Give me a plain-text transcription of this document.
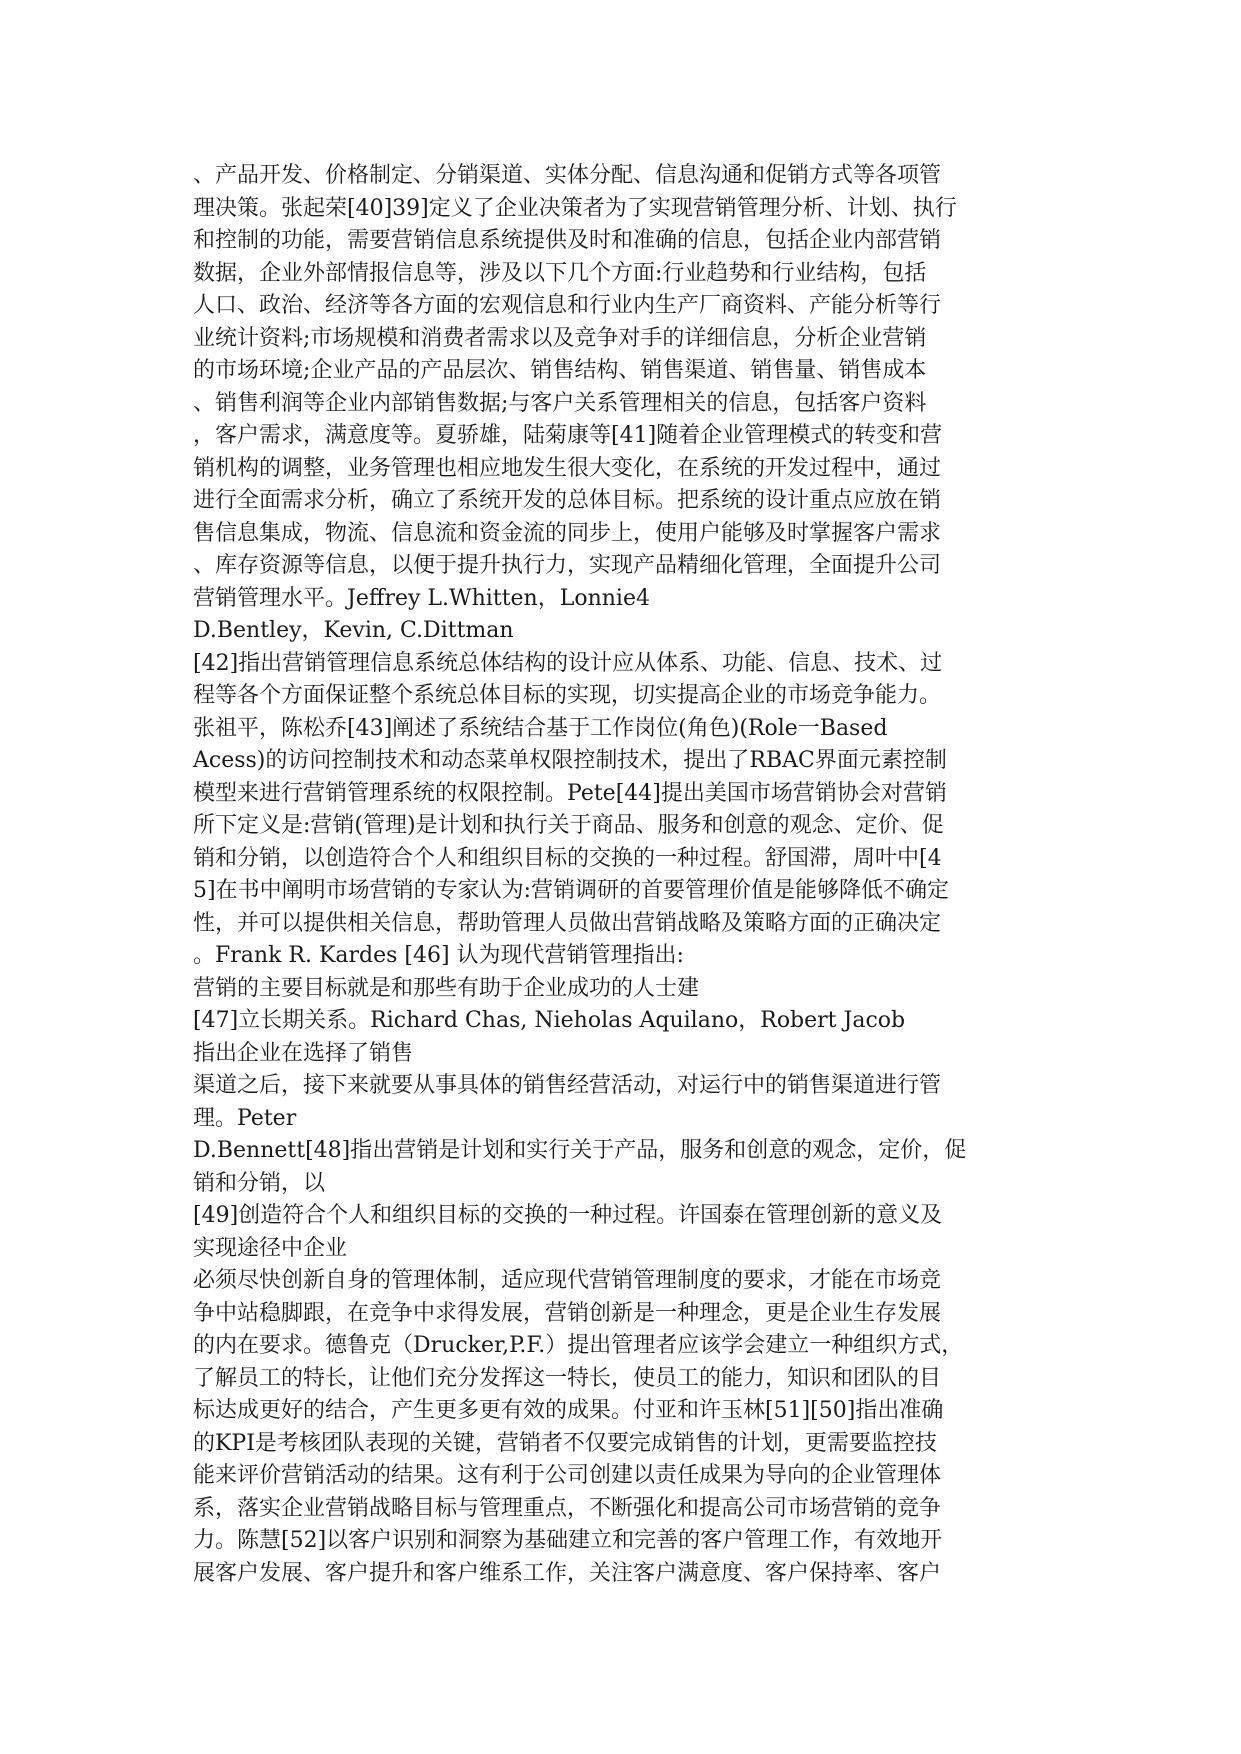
、产品开发、价格制定、分销渠道、实体分配、信息沟通和促销方式等各项管
理决策。张起荣[40]39]定义了企业决策者为了实现营销管理分析、计划、执行
和控制的功能，需要营销信息系统提供及时和准确的信息，包括企业内部营销
数据，企业外部情报信息等，涉及以下几个方面:行业趋势和行业结构，包括
人口、政治、经济等各方面的宏观信息和行业内生产厂商资料、产能分析等行
业统计资料;市场规模和消费者需求以及竞争对手的详细信息，分析企业营销
的市场环境;企业产品的产品层次、销售结构、销售渠道、销售量、销售成本
、销售利润等企业内部销售数据;与客户关系管理相关的信息，包括客户资料
，客户需求，满意度等。夏骄雄，陆菊康等[41]随着企业管理模式的转变和营
销机构的调整，业务管理也相应地发生很大变化，在系统的开发过程中，通过
进行全面需求分析，确立了系统开发的总体目标。把系统的设计重点应放在销
售信息集成，物流、信息流和资金流的同步上，使用户能够及时掌握客户需求
、库存资源等信息，以便于提升执行力，实现产品精细化管理，全面提升公司
营销管理水平。Jeffrey L.Whitten，Lonnie4
D.Bentley，Kevin, C.Dittman
[42]指出营销管理信息系统总体结构的设计应从体系、功能、信息、技术、过
程等各个方面保证整个系统总体目标的实现，切实提高企业的市场竞争能力。
张祖平，陈松乔[43]阐述了系统结合基于工作岗位(角色)(Role一Based
Acess)的访问控制技术和动态菜单权限控制技术，提出了RBAC界面元素控制
模型来进行营销管理系统的权限控制。Pete[44]提出美国市场营销协会对营销
所下定义是:营销(管理)是计划和执行关于商品、服务和创意的观念、定价、促
销和分销，以创造符合个人和组织目标的交换的一种过程。舒国滞，周叶中[4
5]在书中阐明市场营销的专家认为:营销调研的首要管理价值是能够降低不确定
性，并可以提供相关信息，帮助管理人员做出营销战略及策略方面的正确决定
。Frank R. Kardes [46] 认为现代营销管理指出:
营销的主要目标就是和那些有助于企业成功的人士建
[47]立长期关系。Richard Chas, Nieholas Aquilano，Robert Jacob
指出企业在选择了销售
渠道之后，接下来就要从事具体的销售经营活动，对运行中的销售渠道进行管
理。Peter
D.Bennett[48]指出营销是计划和实行关于产品，服务和创意的观念，定价，促
销和分销，以
[49]创造符合个人和组织目标的交换的一种过程。许国泰在管理创新的意义及
实现途径中企业
必须尽快创新自身的管理体制，适应现代营销管理制度的要求，才能在市场竞
争中站稳脚跟，在竞争中求得发展，营销创新是一种理念，更是企业生存发展
的内在要求。德鲁克（Drucker,P.F.）提出管理者应该学会建立一种组织方式，
了解员工的特长，让他们充分发挥这一特长，使员工的能力，知识和团队的目
标达成更好的结合，产生更多更有效的成果。付亚和许玉林[51][50]指出准确
的KPI是考核团队表现的关键，营销者不仅要完成销售的计划，更需要监控技
能来评价营销活动的结果。这有利于公司创建以责任成果为导向的企业管理体
系，落实企业营销战略目标与管理重点，不断强化和提高公司市场营销的竞争
力。陈慧[52]以客户识别和洞察为基础建立和完善的客户管理工作，有效地开
展客户发展、客户提升和客户维系工作，关注客户满意度、客户保持率、客户
